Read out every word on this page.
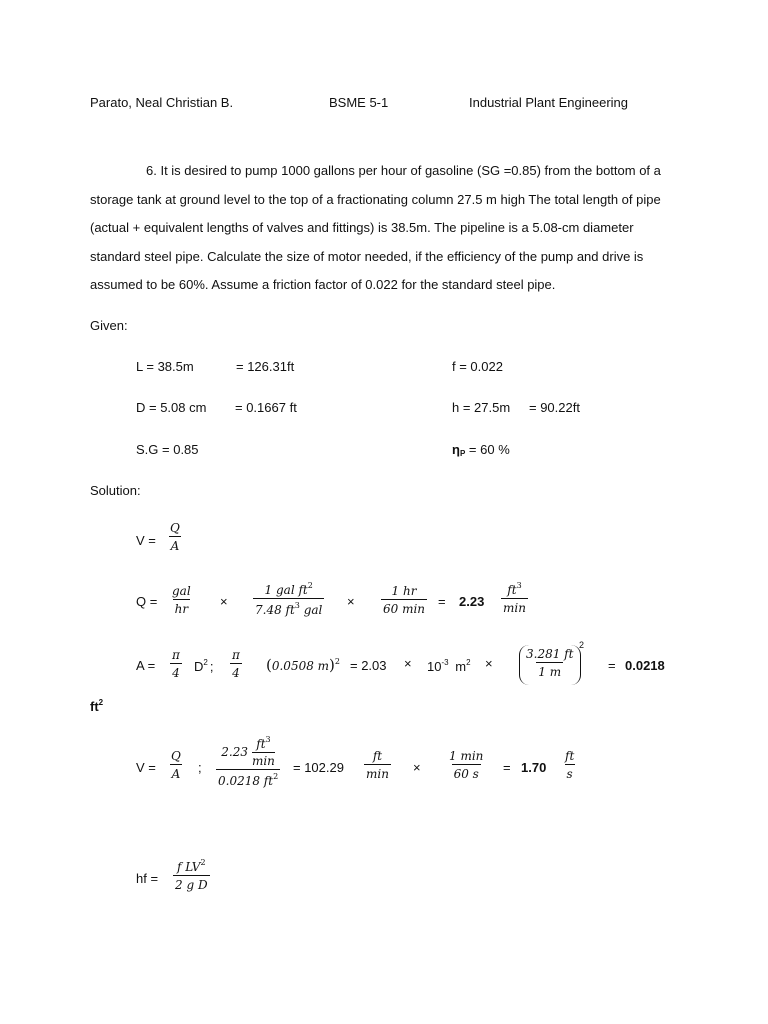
Parato, Neal Christian B.	BSME 5-1	Industrial Plant Engineering
6. It is desired to pump 1000 gallons per hour of gasoline (SG =0.85) from the bottom of a storage tank at ground level to the top of a fractionating column 27.5 m high The total length of pipe (actual + equivalent lengths of valves and fittings) is 38.5m. The pipeline is a 5.08-cm diameter standard steel pipe. Calculate the size of motor needed, if the efficiency of the pump and drive is assumed to be 60%. Assume a friction factor of 0.022 for the standard steel pipe.
Given:
L = 38.5m	= 126.31ft	f = 0.022
D = 5.08 cm = 0.1667 ft	h = 27.5m = 90.22ft
S.G = 0.85	$\eta_P = 60$ %
Solution:
$V = \frac{Q}{A}$
Q =
gal
hr ×
1 gal $ft^2$
7.48 $ft^3$ gal
×
1 hr
60 min = 2.23
$ft^3$
min
$A = \frac{\pi}{4} D^2$ ; $\frac{\pi}{4} (0.0508$ $m)^2 = 2.03 \times 10^{-3}$ $m^2$ ×	$\frac{3.281 ft}{1 m}$
2
= 0.0218
$ft^2$
$V = \frac{Q}{A}$ ;
2.23
$ft^3$
min
0.0218 $ft^2$
= 102.29
ft
min ×
1 min
60 $s = 1.70 \frac{ft}{s}$
hf = $\frac{f LV^2}{\text{2 g D}}$
